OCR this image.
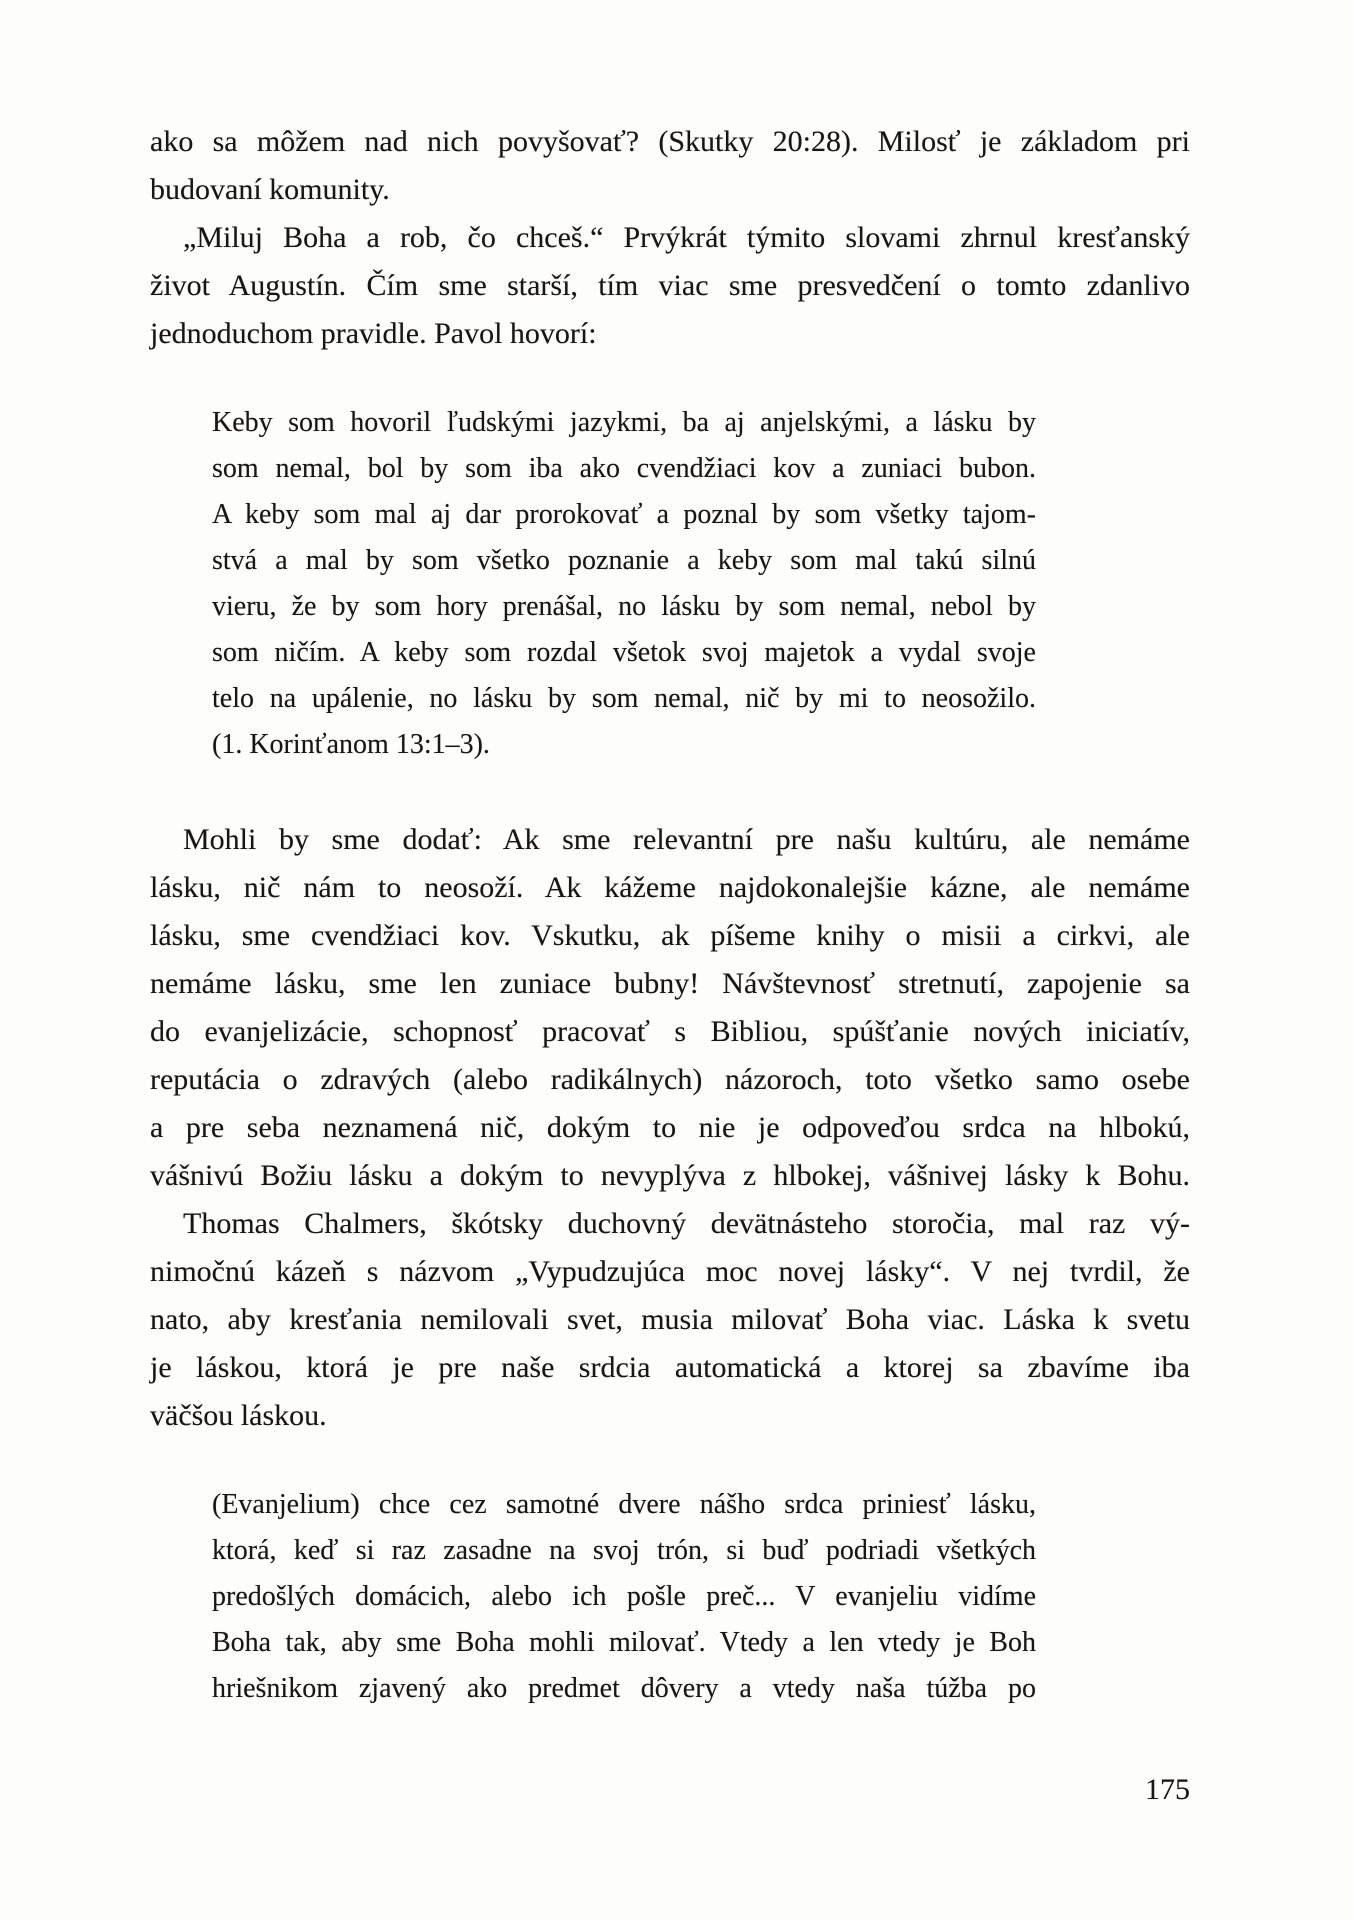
ako sa môžem nad nich povyšovať? (Skutky 20:28). Milosť je základom pri
budovaní komunity.
„Miluj Boha a rob, čo chceš.“ Prvýkrát týmito slovami zhrnul kresťanský
život Augustín. Čím sme starší, tím viac sme presvedčení o tomto zdanlivo
jednoduchom pravidle. Pavol hovorí:
Keby som hovoril ľudskými jazykmi, ba aj anjelskými, a lásku by
som nemal, bol by som iba ako cvendžiaci kov a zuniaci bubon.
A keby som mal aj dar prorokovať a poznal by som všetky tajom-
stvá a mal by som všetko poznanie a keby som mal takú silnú
vieru, že by som hory prenášal, no lásku by som nemal, nebol by
som ničím. A keby som rozdal všetok svoj majetok a vydal svoje
telo na upálenie, no lásku by som nemal, nič by mi to neosožilo.
(1. Korinťanom 13:1–3).
Mohli by sme dodať: Ak sme relevantní pre našu kultúru, ale nemáme
lásku, nič nám to neosoží. Ak kážeme najdokonalejšie kázne, ale nemáme
lásku, sme cvendžiaci kov. Vskutku, ak píšeme knihy o misii a cirkvi, ale
nemáme lásku, sme len zuniace bubny! Návštevnosť stretnutí, zapojenie sa
do evanjelizácie, schopnosť pracovať s Bibliou, spúšťanie nových iniciatív,
reputácia o zdravých (alebo radikálnych) názoroch, toto všetko samo osebe
a pre seba neznamená nič, dokým to nie je odpoveďou srdca na hlbokú,
vášnivú Božiu lásku a dokým to nevyplýva z hlbokej, vášnivej lásky k Bohu.
Thomas Chalmers, škótsky duchovný devätnásteho storočia, mal raz vý-
nimočnú kázeň s názvom „Vypudzujúca moc novej lásky“. V nej tvrdil, že
nato, aby kresťania nemilovali svet, musia milovať Boha viac. Láska k svetu
je láskou, ktorá je pre naše srdcia automatická a ktorej sa zbavíme iba
väčšou láskou.
(Evanjelium) chce cez samotné dvere nášho srdca priniesť lásku,
ktorá, keď si raz zasadne na svoj trón, si buď podriadi všetkých
predošlých domácich, alebo ich pošle preč... V evanjeliu vidíme
Boha tak, aby sme Boha mohli milovať. Vtedy a len vtedy je Boh
hriešnikom zjavený ako predmet dôvery a vtedy naša túžba po
175
